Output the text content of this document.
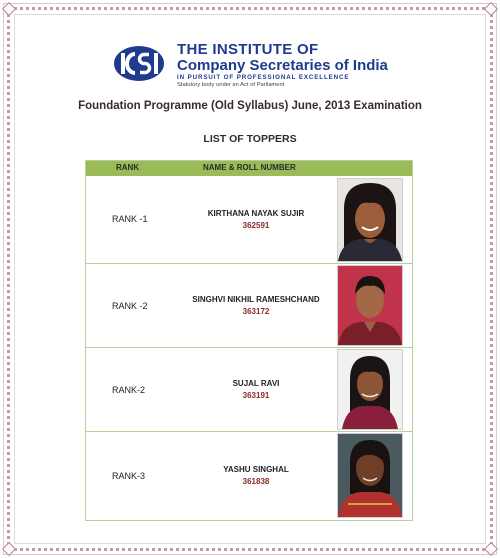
THE INSTITUTE OF
Company Secretaries of India
IN PURSUIT OF PROFESSIONAL EXCELLENCE
Statutory body under an Act of Parliament
Foundation Programme (Old Syllabus) June, 2013 Examination
LIST OF TOPPERS
RANK	NAME & ROLL NUMBER
RANK -1
KIRTHANA NAYAK SUJIR
362591
RANK -2
SINGHVI NIKHIL RAMESHCHAND
363172
RANK-2
SUJAL RAVI
363191
RANK-3
YASHU SINGHAL
361838
